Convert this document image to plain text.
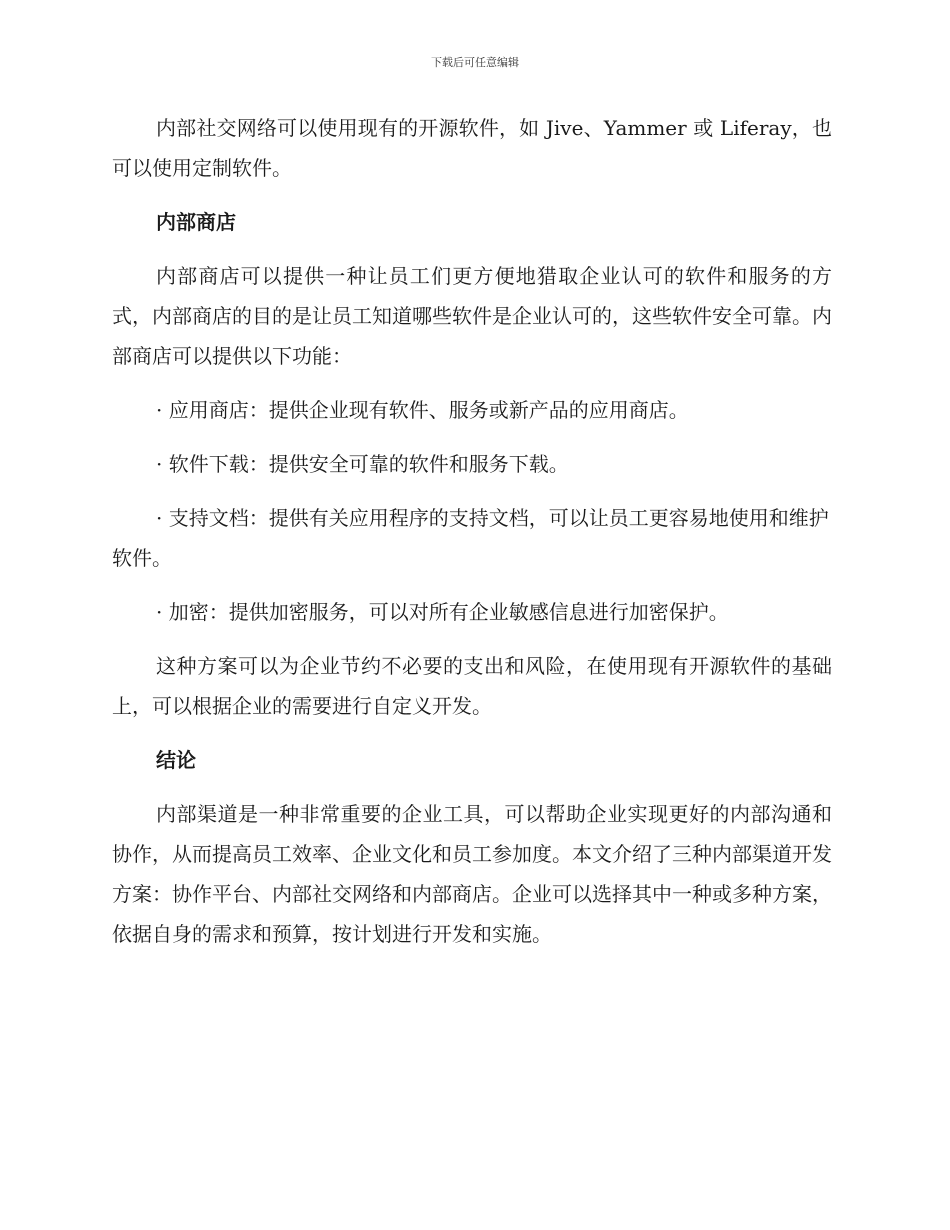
下载后可任意编辑

内部社交网络可以使用现有的开源软件，如 Jive、Yammer 或 Liferay，也可以使用定制软件。

内部商店

内部商店可以提供一种让员工们更方便地猎取企业认可的软件和服务的方式，内部商店的目的是让员工知道哪些软件是企业认可的，这些软件安全可靠。内部商店可以提供以下功能：

· 应用商店：提供企业现有软件、服务或新产品的应用商店。

· 软件下载：提供安全可靠的软件和服务下载。

· 支持文档：提供有关应用程序的支持文档，可以让员工更容易地使用和维护软件。

· 加密：提供加密服务，可以对所有企业敏感信息进行加密保护。

这种方案可以为企业节约不必要的支出和风险，在使用现有开源软件的基础上，可以根据企业的需要进行自定义开发。

结论

内部渠道是一种非常重要的企业工具，可以帮助企业实现更好的内部沟通和协作，从而提高员工效率、企业文化和员工参加度。本文介绍了三种内部渠道开发方案：协作平台、内部社交网络和内部商店。企业可以选择其中一种或多种方案，依据自身的需求和预算，按计划进行开发和实施。
